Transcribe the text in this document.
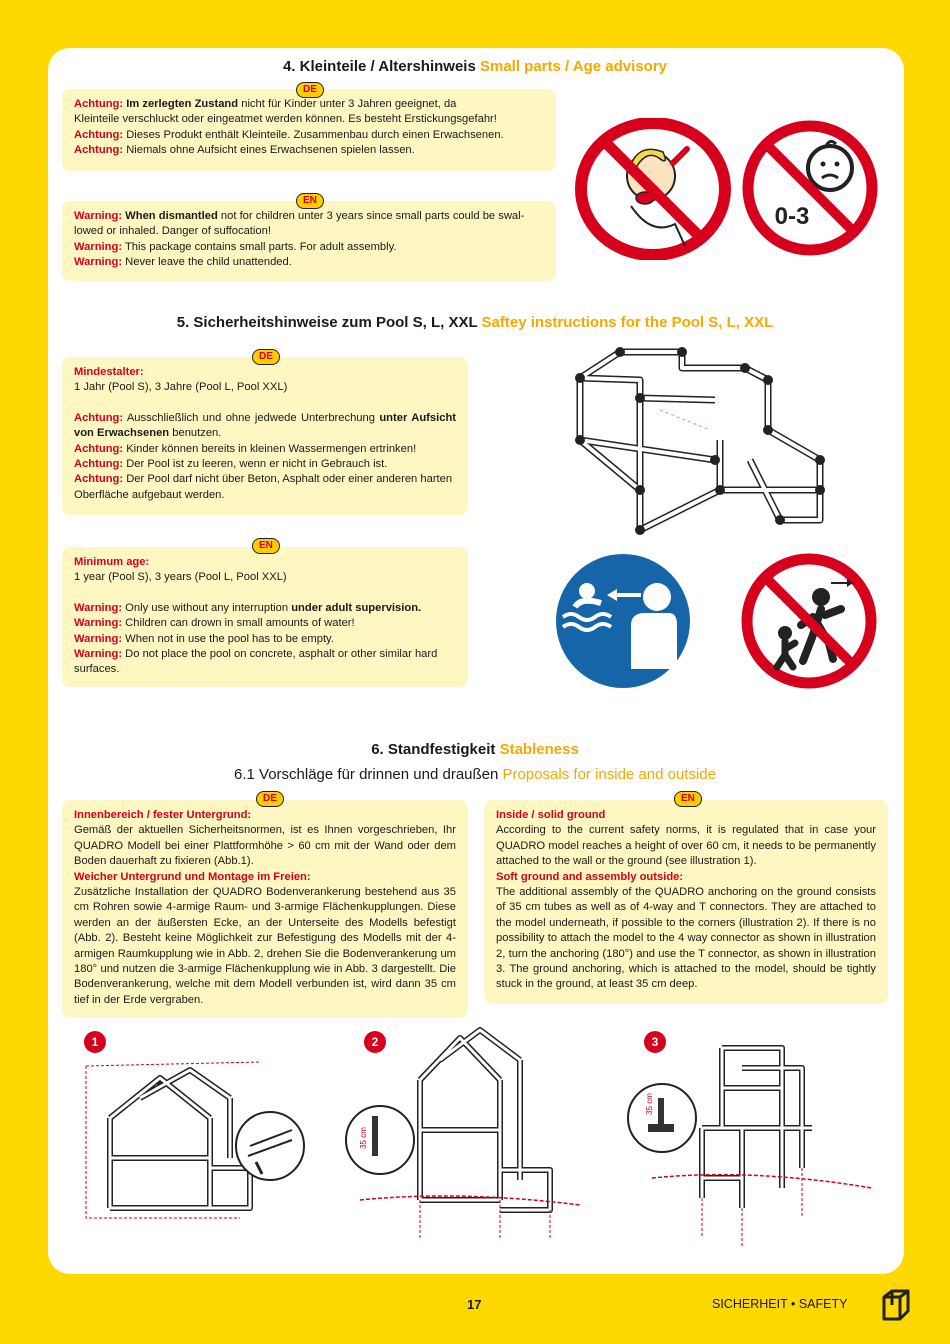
4. Kleinteile / Altershinweis Small parts / Age advisory

Achtung: Im zerlegten Zustand nicht für Kinder unter 3 Jahren geeignet, da

Kleinteile verschluckt oder eingeatmet werden können. Es besteht Erstickungsgefahr!

Achtung: Dieses Produkt enthält Kleinteile. Zusammenbau durch einen Erwachsenen.

Achtung: Niemals ohne Aufsicht eines Erwachsenen spielen lassen.

DE

Warning: When dismantled not for children unter 3 years since small parts could be swal-

lowed or inhaled. Danger of suffocation!

Warning: This package contains small parts. For adult assembly.

Warning: Never leave the child unattended.

EN
0-3
5. Sicherheitshinweise zum Pool S, L, XXL Saftey instructions for the Pool S, L, XXL

Mindestalter:

1 Jahr (Pool S), 3 Jahre (Pool L, Pool XXL)

Achtung: Ausschließlich und ohne jedwede Unterbrechung unter Aufsicht von Erwachsenen benutzen.

Achtung: Kinder können bereits in kleinen Wassermengen ertrinken!

Achtung: Der Pool ist zu leeren, wenn er nicht in Gebrauch ist.

Achtung: Der Pool darf nicht über Beton, Asphalt oder einer anderen harten Oberfläche aufgebaut werden.

DE

Minimum age:

1 year (Pool S), 3 years (Pool L, Pool XXL)

Warning: Only use without any interruption under adult supervision.

Warning: Children can drown in small amounts of water!

Warning: When not in use the pool has to be empty.

Warning: Do not place the pool on concrete, asphalt or other similar hard surfaces.

EN
6. Standfestigkeit Stableness
6.1 Vorschläge für drinnen und draußen Proposals for inside and outside

Innenbereich / fester Untergrund:

Gemäß der aktuellen Sicherheitsnormen, ist es Ihnen vorgeschrieben, Ihr QUADRO Modell bei einer Plattformhöhe > 60 cm mit der Wand oder dem Boden dauerhaft zu fixieren (Abb.1).

Weicher Untergrund und Montage im Freien:

Zusätzliche Installation der QUADRO Bodenverankerung bestehend aus 35 cm Rohren sowie 4-armige Raum- und 3-armige Flächenkupplungen. Diese werden an der äußersten Ecke, an der Unterseite des Modells befestigt (Abb. 2). Besteht keine Möglichkeit zur Befestigung des Modells mit der 4-armigen Raumkupplung wie in Abb. 2, drehen Sie die Bodenverankerung um 180° und nutzen die 3-armige Flächenkupplung wie in Abb. 3 dargestellt. Die Bodenverankerung, welche mit dem Modell verbunden ist, wird dann 35 cm tief in der Erde vergraben.

DE

Inside / solid ground

According to the current safety norms, it is regulated that in case your QUADRO model reaches a height of over 60 cm, it needs to be permanently attached to the wall or the ground (see illustration 1).

Soft ground and assembly outside:

The additional assembly of the QUADRO anchoring on the ground consists of 35 cm tubes as well as of 4-way and T connectors. They are attached to the model underneath, if possible to the corners (illustration 2). If there is no possibility to attach the model to the 4 way connector as shown in illustration 2, turn the anchoring (180°) and use the T connector, as shown in illustration 3. The ground anchoring, which is attached to the model, should be tightly stuck in the ground, at least 35 cm deep.

EN
1	2	3
35 cm
35 cm
17	SICHERHEIT • SAFETY
